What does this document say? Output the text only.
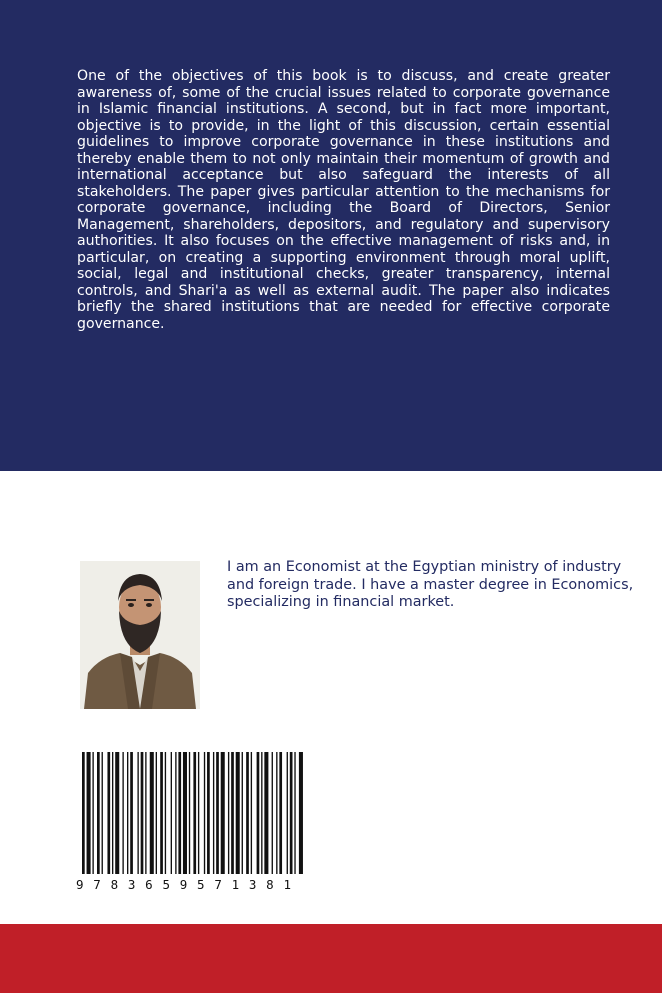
One of the objectives of this book is to discuss, and create greater awareness of, some of the crucial issues related to corporate governance in Islamic financial institutions. A second, but in fact more important, objective is to provide, in the light of this discussion, certain essential guidelines to improve corporate governance in these institutions and thereby enable them to not only maintain their momentum of growth and international acceptance but also safeguard the interests of all stakeholders. The paper gives particular attention to the mechanisms for corporate governance, including the Board of Directors, Senior Management, shareholders, depositors, and regulatory and supervisory authorities. It also focuses on the effective management of risks and, in particular, on creating a supporting environment through moral uplift, social, legal and institutional checks, greater transparency, internal controls, and Shari'a as well as external audit. The paper also indicates briefly the shared institutions that are needed for effective corporate governance.

I am an Economist at the Egyptian ministry of industry and foreign trade. I have a master degree in Economics, specializing in financial market.

9 7 8 3 6 5 9 5 7 1 3 8 1
